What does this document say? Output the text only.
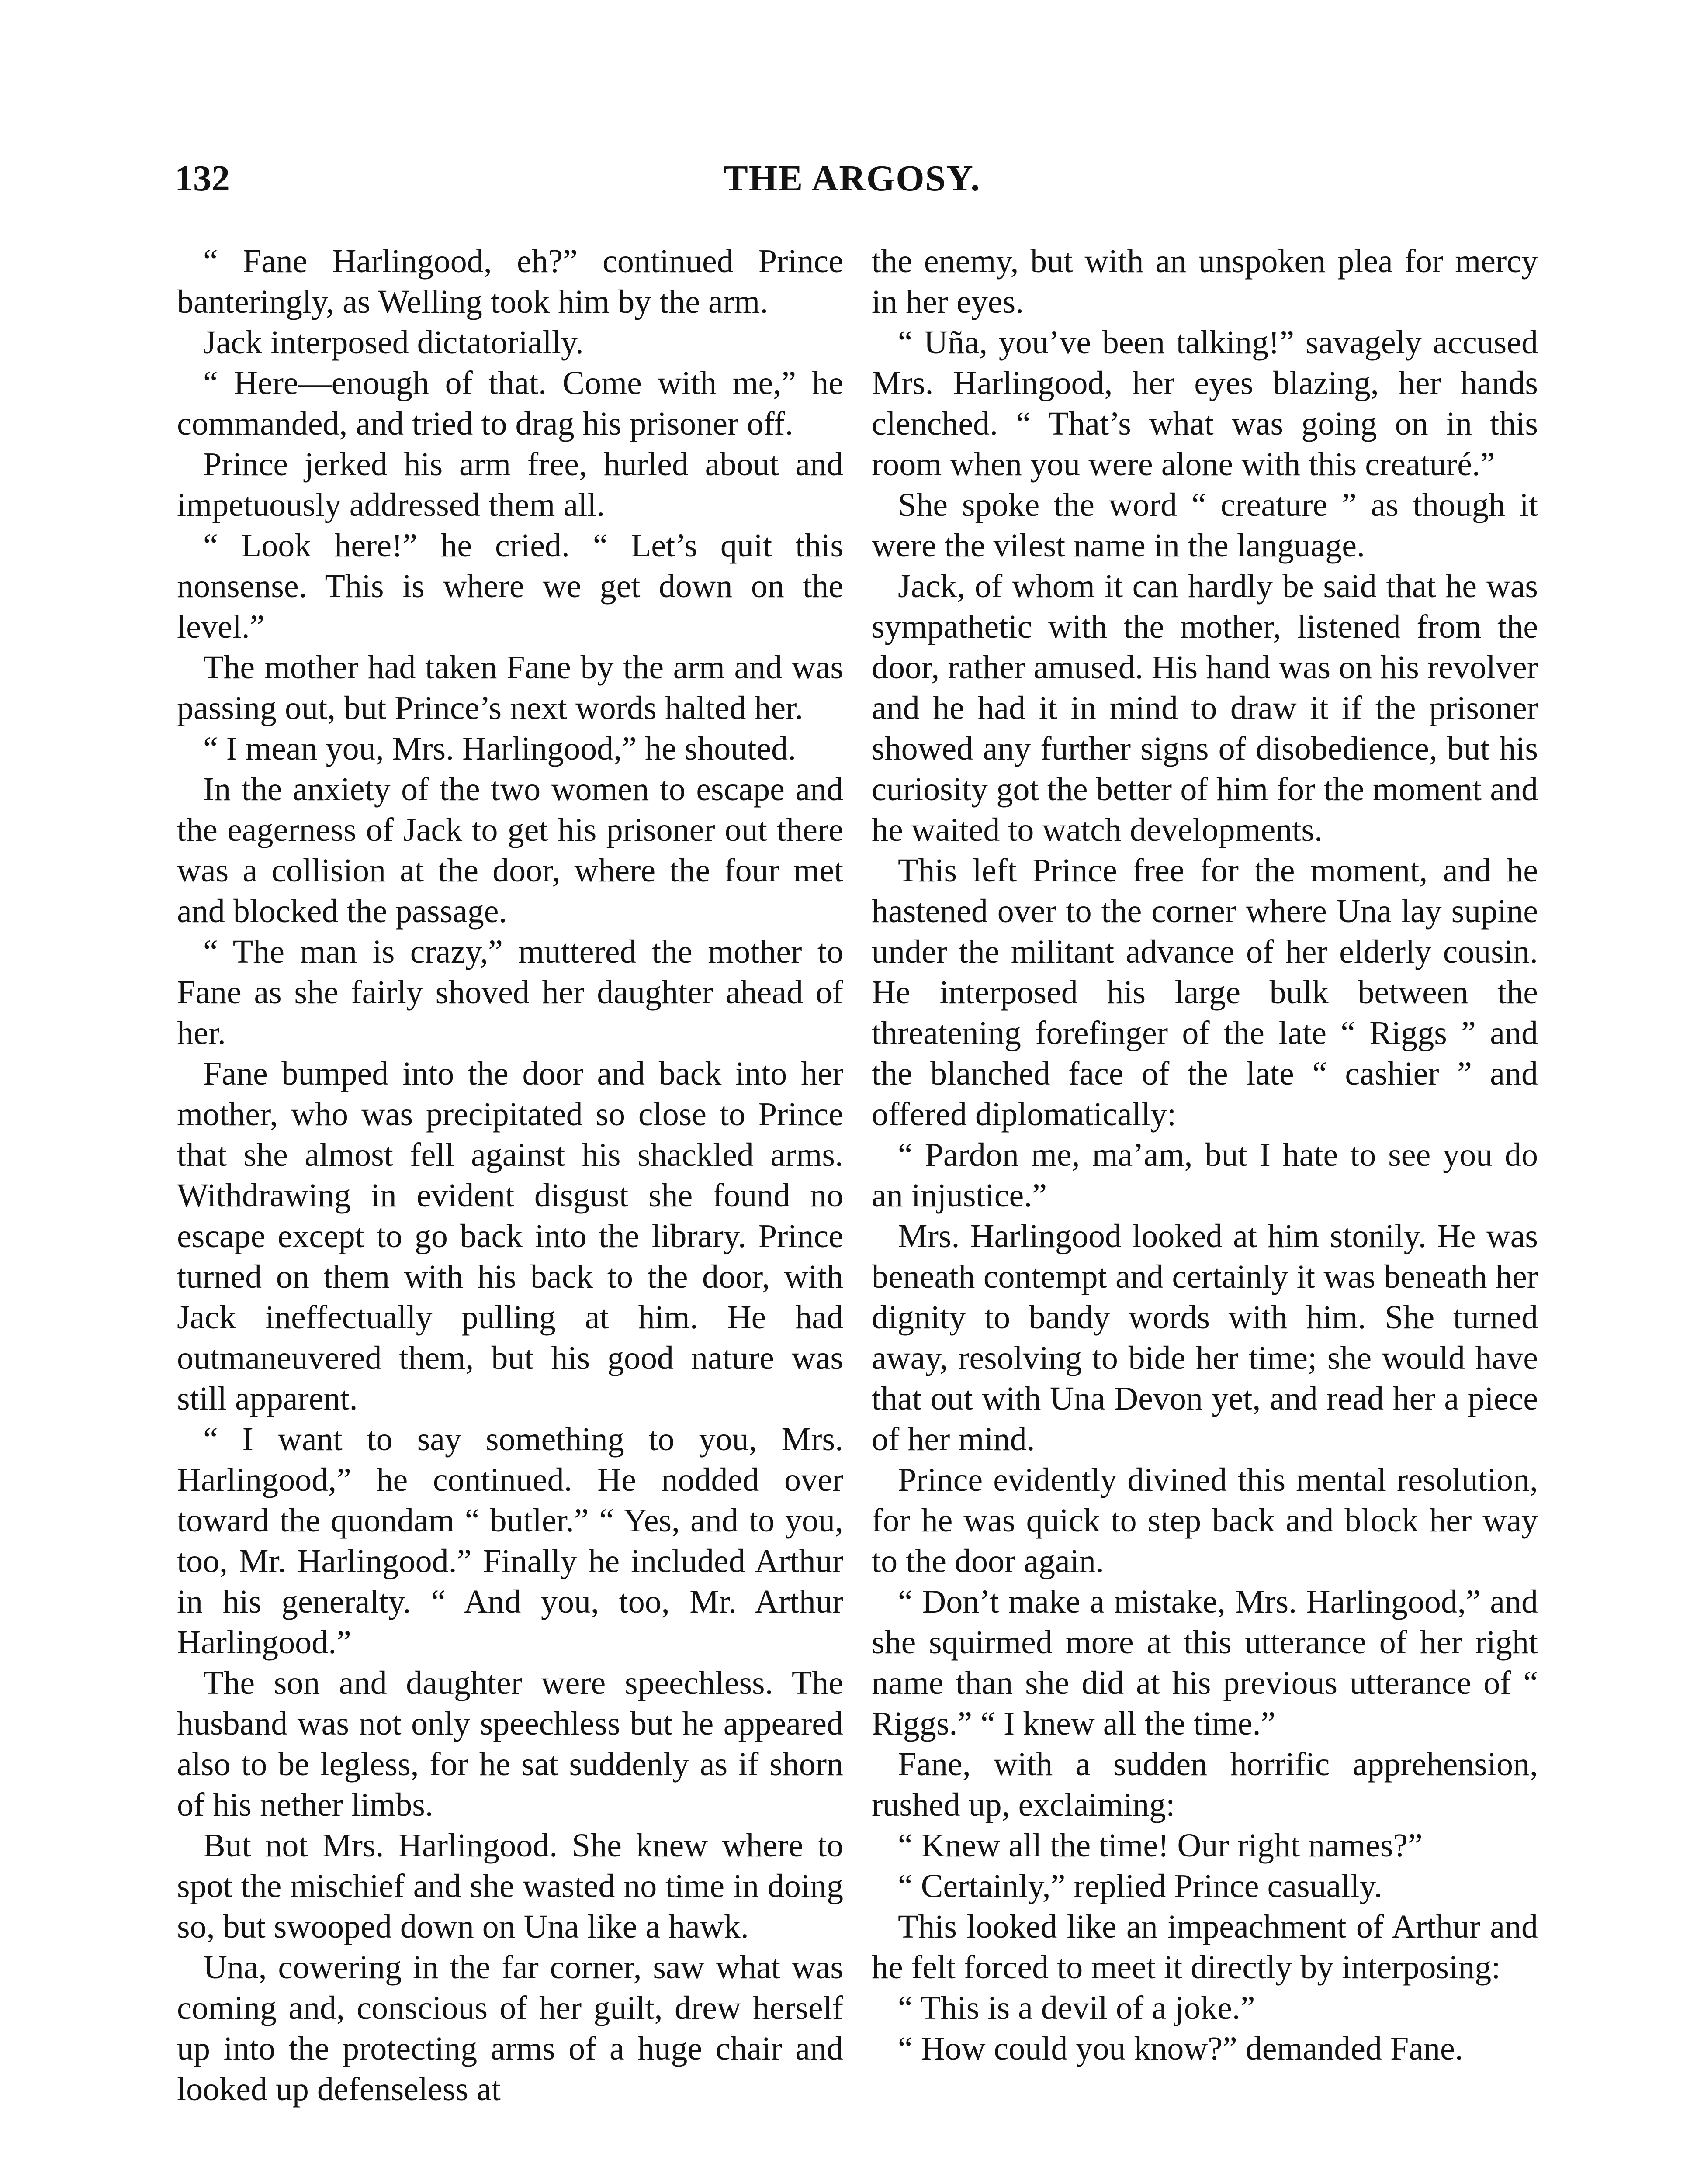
132	THE ARGOSY.

“ Fane Harlingood, eh?” continued Prince banteringly, as Welling took him by the arm.

Jack interposed dictatorially.

“ Here—enough of that. Come with me,” he commanded, and tried to drag his prisoner off.

Prince jerked his arm free, hurled about and impetuously addressed them all.

“ Look here!” he cried. “ Let’s quit this nonsense. This is where we get down on the level.”

The mother had taken Fane by the arm and was passing out, but Prince’s next words halted her.

“ I mean you, Mrs. Harlingood,” he shouted.

In the anxiety of the two women to escape and the eagerness of Jack to get his prisoner out there was a collision at the door, where the four met and blocked the passage.

“ The man is crazy,” muttered the mother to Fane as she fairly shoved her daughter ahead of her.

Fane bumped into the door and back into her mother, who was precipitated so close to Prince that she almost fell against his shackled arms. Withdrawing in evident disgust she found no escape except to go back into the library. Prince turned on them with his back to the door, with Jack ineffectually pulling at him. He had outmaneuvered them, but his good nature was still apparent.

“ I want to say something to you, Mrs. Harlingood,” he continued. He nodded over toward the quondam “ butler.” “ Yes, and to you, too, Mr. Harlingood.” Finally he included Arthur in his generalty. “ And you, too, Mr. Arthur Harlingood.”

The son and daughter were speechless. The husband was not only speechless but he appeared also to be legless, for he sat suddenly as if shorn of his nether limbs.

But not Mrs. Harlingood. She knew where to spot the mischief and she wasted no time in doing so, but swooped down on Una like a hawk.

Una, cowering in the far corner, saw what was coming and, conscious of her guilt, drew herself up into the protecting arms of a huge chair and looked up defenseless at

the enemy, but with an unspoken plea for mercy in her eyes.

“ Uña, you’ve been talking!” savagely accused Mrs. Harlingood, her eyes blazing, her hands clenched. “ That’s what was going on in this room when you were alone with this creaturé.”

She spoke the word “ creature ” as though it were the vilest name in the language.

Jack, of whom it can hardly be said that he was sympathetic with the mother, listened from the door, rather amused. His hand was on his revolver and he had it in mind to draw it if the prisoner showed any further signs of disobedience, but his curiosity got the better of him for the moment and he waited to watch developments.

This left Prince free for the moment, and he hastened over to the corner where Una lay supine under the militant advance of her elderly cousin. He interposed his large bulk between the threatening forefinger of the late “ Riggs ” and the blanched face of the late “ cashier ” and offered diplomatically:

“ Pardon me, ma’am, but I hate to see you do an injustice.”

Mrs. Harlingood looked at him stonily. He was beneath contempt and certainly it was beneath her dignity to bandy words with him. She turned away, resolving to bide her time; she would have that out with Una Devon yet, and read her a piece of her mind.

Prince evidently divined this mental resolution, for he was quick to step back and block her way to the door again.

“ Don’t make a mistake, Mrs. Harlingood,” and she squirmed more at this utterance of her right name than she did at his previous utterance of “ Riggs.” “ I knew all the time.”

Fane, with a sudden horrific apprehension, rushed up, exclaiming:

“ Knew all the time! Our right names?”

“ Certainly,” replied Prince casually.

This looked like an impeachment of Arthur and he felt forced to meet it directly by interposing:

“ This is a devil of a joke.”

“ How could you know?” demanded Fane.
